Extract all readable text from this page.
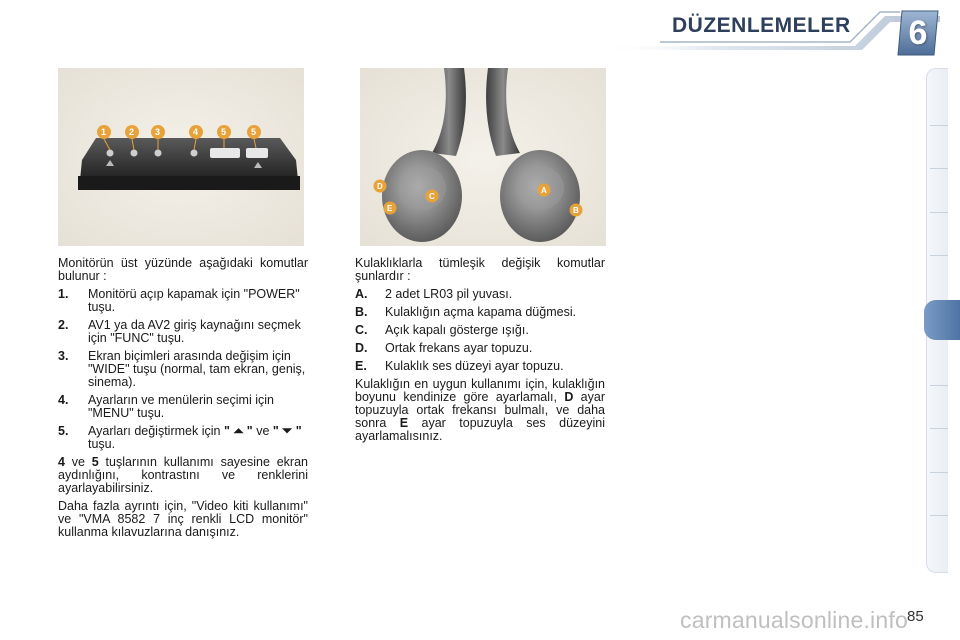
DÜZENLEMELER	6
1	2 3	4	5	5
D
E
C
A
B

Monitörün üst yüzünde aşağıdaki komutlar bulunur :

1.	Monitörü açıp kapamak için "POWER" tuşu.
2.	AV1 ya da AV2 giriş kaynağını seçmek için "FUNC" tuşu.
3.	Ekran biçimleri arasında değişim için "WIDE" tuşu (normal, tam ekran, geniş, sinema).
4.	Ayarların ve menülerin seçimi için "MENU" tuşu.
5.	Ayarları değiştirmek için " ⏶ " ve " ⏷ " tuşu.

4 ve 5 tuşlarının kullanımı sayesine ekran aydınlığını, kontrastını ve renklerini ayarlayabilirsiniz.

Daha fazla ayrıntı için, "Video kiti kullanımı" ve "VMA 8582 7 inç renkli LCD monitör" kullanma kılavuzlarına danışınız.

Kulaklıklarla tümleşik değişik komutlar şunlardır :

A.	2 adet LR03 pil yuvası.
B.	Kulaklığın açma kapama düğmesi.
C.	Açık kapalı gösterge ışığı.
D.	Ortak frekans ayar topuzu.
E.	Kulaklık ses düzeyi ayar topuzu.

Kulaklığın en uygun kullanımı için, kulaklığın boyunu kendinize göre ayarlamalı, D ayar topuzuyla ortak frekansı bulmalı, ve daha sonra E ayar topuzuyla ses düzeyini ayarlamalısınız.

carmanualsonline.info 85
